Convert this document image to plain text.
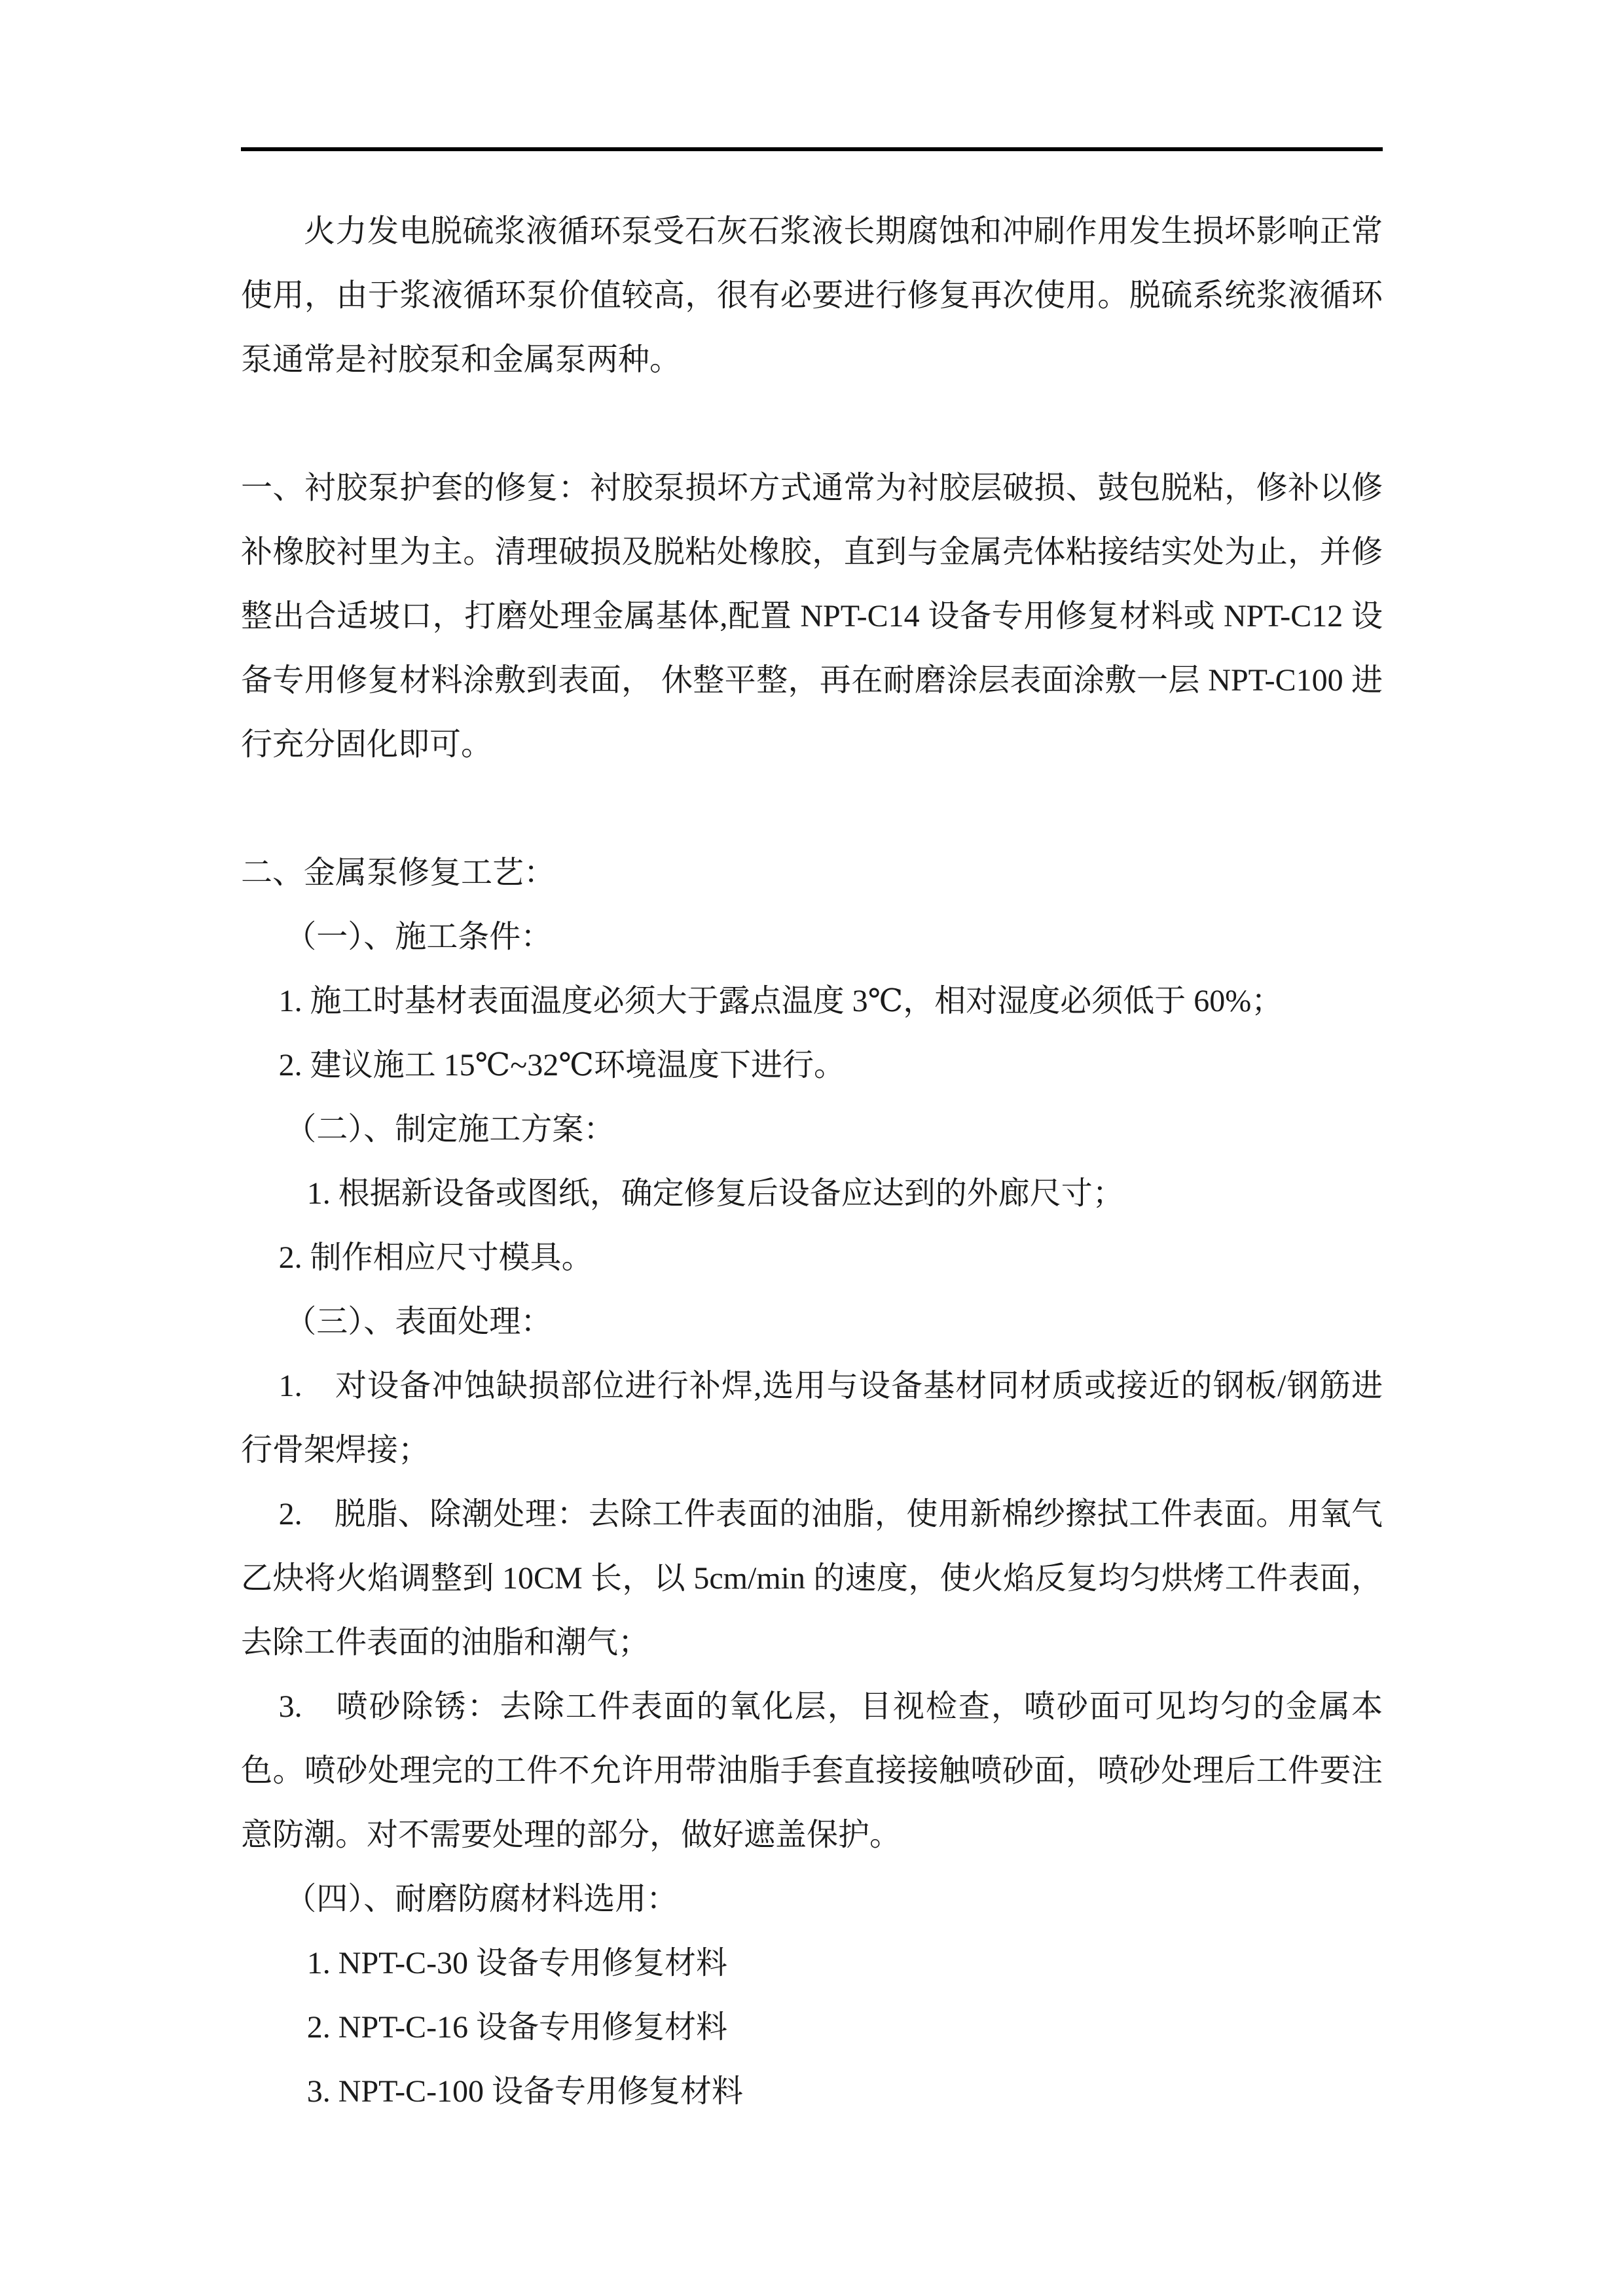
火力发电脱硫浆液循环泵受石灰石浆液长期腐蚀和冲刷作用发生损坏影响正常使用，由于浆液循环泵价值较高，很有必要进行修复再次使用。脱硫系统浆液循环泵通常是衬胶泵和金属泵两种。

一、衬胶泵护套的修复：衬胶泵损坏方式通常为衬胶层破损、鼓包脱粘，修补以修补橡胶衬里为主。清理破损及脱粘处橡胶，直到与金属壳体粘接结实处为止，并修整出合适坡口，打磨处理金属基体,配置 NPT-C14 设备专用修复材料或 NPT-C12 设备专用修复材料涂敷到表面， 休整平整，再在耐磨涂层表面涂敷一层 NPT-C100 进行充分固化即可。

二、金属泵修复工艺：

（一）、施工条件：

1. 施工时基材表面温度必须大于露点温度 3℃，相对湿度必须低于 60%；

2. 建议施工 15℃~32℃环境温度下进行。

（二）、制定施工方案：

1. 根据新设备或图纸，确定修复后设备应达到的外廊尺寸；

2. 制作相应尺寸模具。

（三）、表面处理：

1.　对设备冲蚀缺损部位进行补焊,选用与设备基材同材质或接近的钢板/钢筋进行骨架焊接；

2.　脱脂、除潮处理：去除工件表面的油脂，使用新棉纱擦拭工件表面。用氧气乙炔将火焰调整到 10CM 长，以 5cm/min 的速度，使火焰反复均匀烘烤工件表面，去除工件表面的油脂和潮气；

3.　喷砂除锈：去除工件表面的氧化层，目视检查，喷砂面可见均匀的金属本色。喷砂处理完的工件不允许用带油脂手套直接接触喷砂面，喷砂处理后工件要注意防潮。对不需要处理的部分，做好遮盖保护。

（四）、耐磨防腐材料选用：

1. NPT-C-30 设备专用修复材料

2. NPT-C-16 设备专用修复材料

3. NPT-C-100 设备专用修复材料
